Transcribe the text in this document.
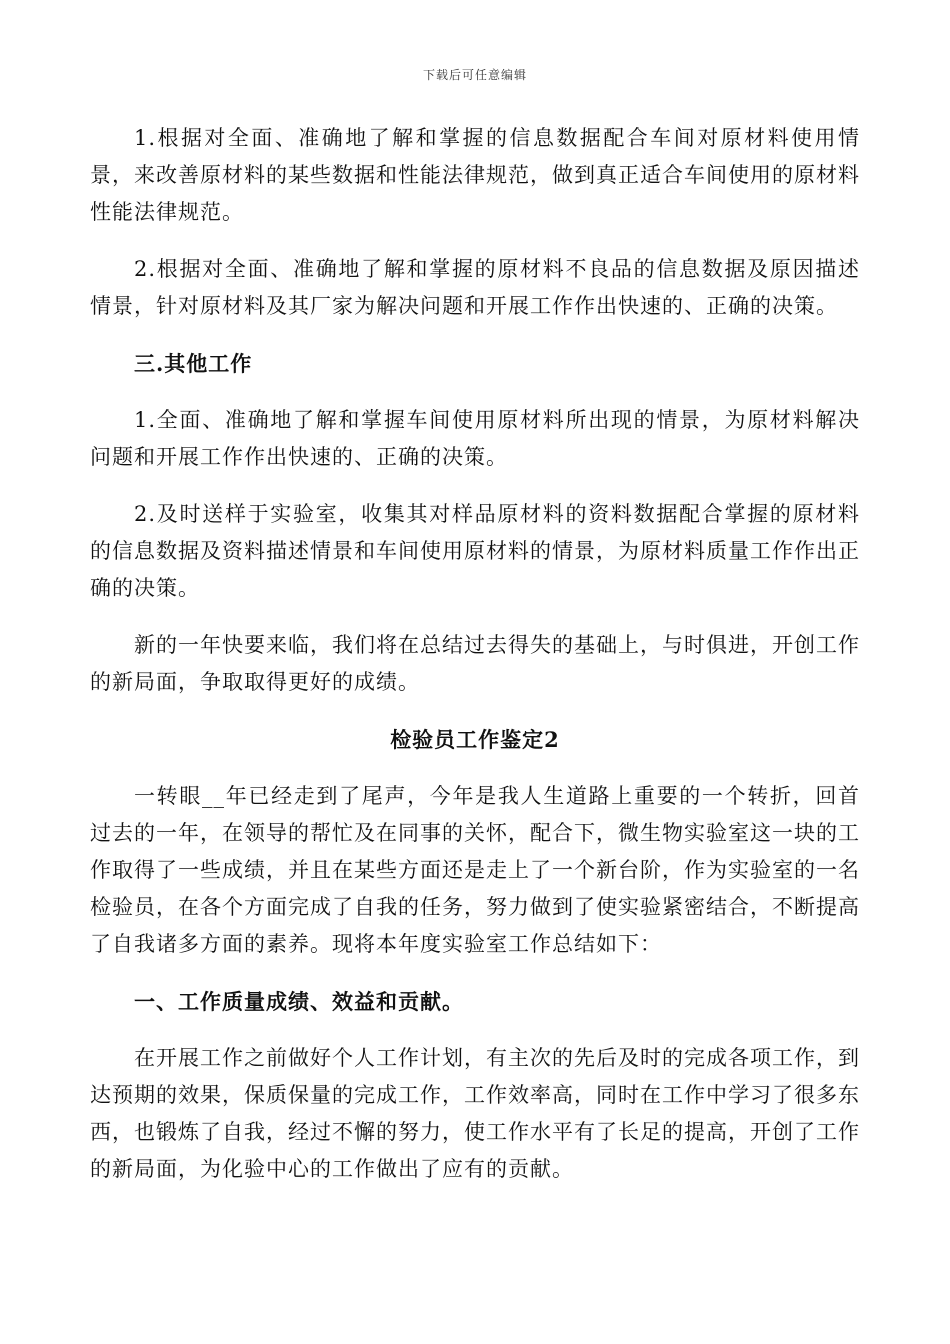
下载后可任意编辑

1.根据对全面、准确地了解和掌握的信息数据配合车间对原材料使用情景，来改善原材料的某些数据和性能法律规范，做到真正适合车间使用的原材料性能法律规范。

2.根据对全面、准确地了解和掌握的原材料不良品的信息数据及原因描述情景，针对原材料及其厂家为解决问题和开展工作作出快速的、正确的决策。

三.其他工作

1.全面、准确地了解和掌握车间使用原材料所出现的情景，为原材料解决问题和开展工作作出快速的、正确的决策。

2.及时送样于实验室，收集其对样品原材料的资料数据配合掌握的原材料的信息数据及资料描述情景和车间使用原材料的情景，为原材料质量工作作出正确的决策。

新的一年快要来临，我们将在总结过去得失的基础上，与时俱进，开创工作的新局面，争取取得更好的成绩。

检验员工作鉴定2

一转眼__年已经走到了尾声，今年是我人生道路上重要的一个转折，回首过去的一年，在领导的帮忙及在同事的关怀，配合下，微生物实验室这一块的工作取得了一些成绩，并且在某些方面还是走上了一个新台阶，作为实验室的一名检验员，在各个方面完成了自我的任务，努力做到了使实验紧密结合，不断提高了自我诸多方面的素养。现将本年度实验室工作总结如下：

一、工作质量成绩、效益和贡献。

在开展工作之前做好个人工作计划，有主次的先后及时的完成各项工作，到达预期的效果，保质保量的完成工作，工作效率高，同时在工作中学习了很多东西，也锻炼了自我，经过不懈的努力，使工作水平有了长足的提高，开创了工作的新局面，为化验中心的工作做出了应有的贡献。
